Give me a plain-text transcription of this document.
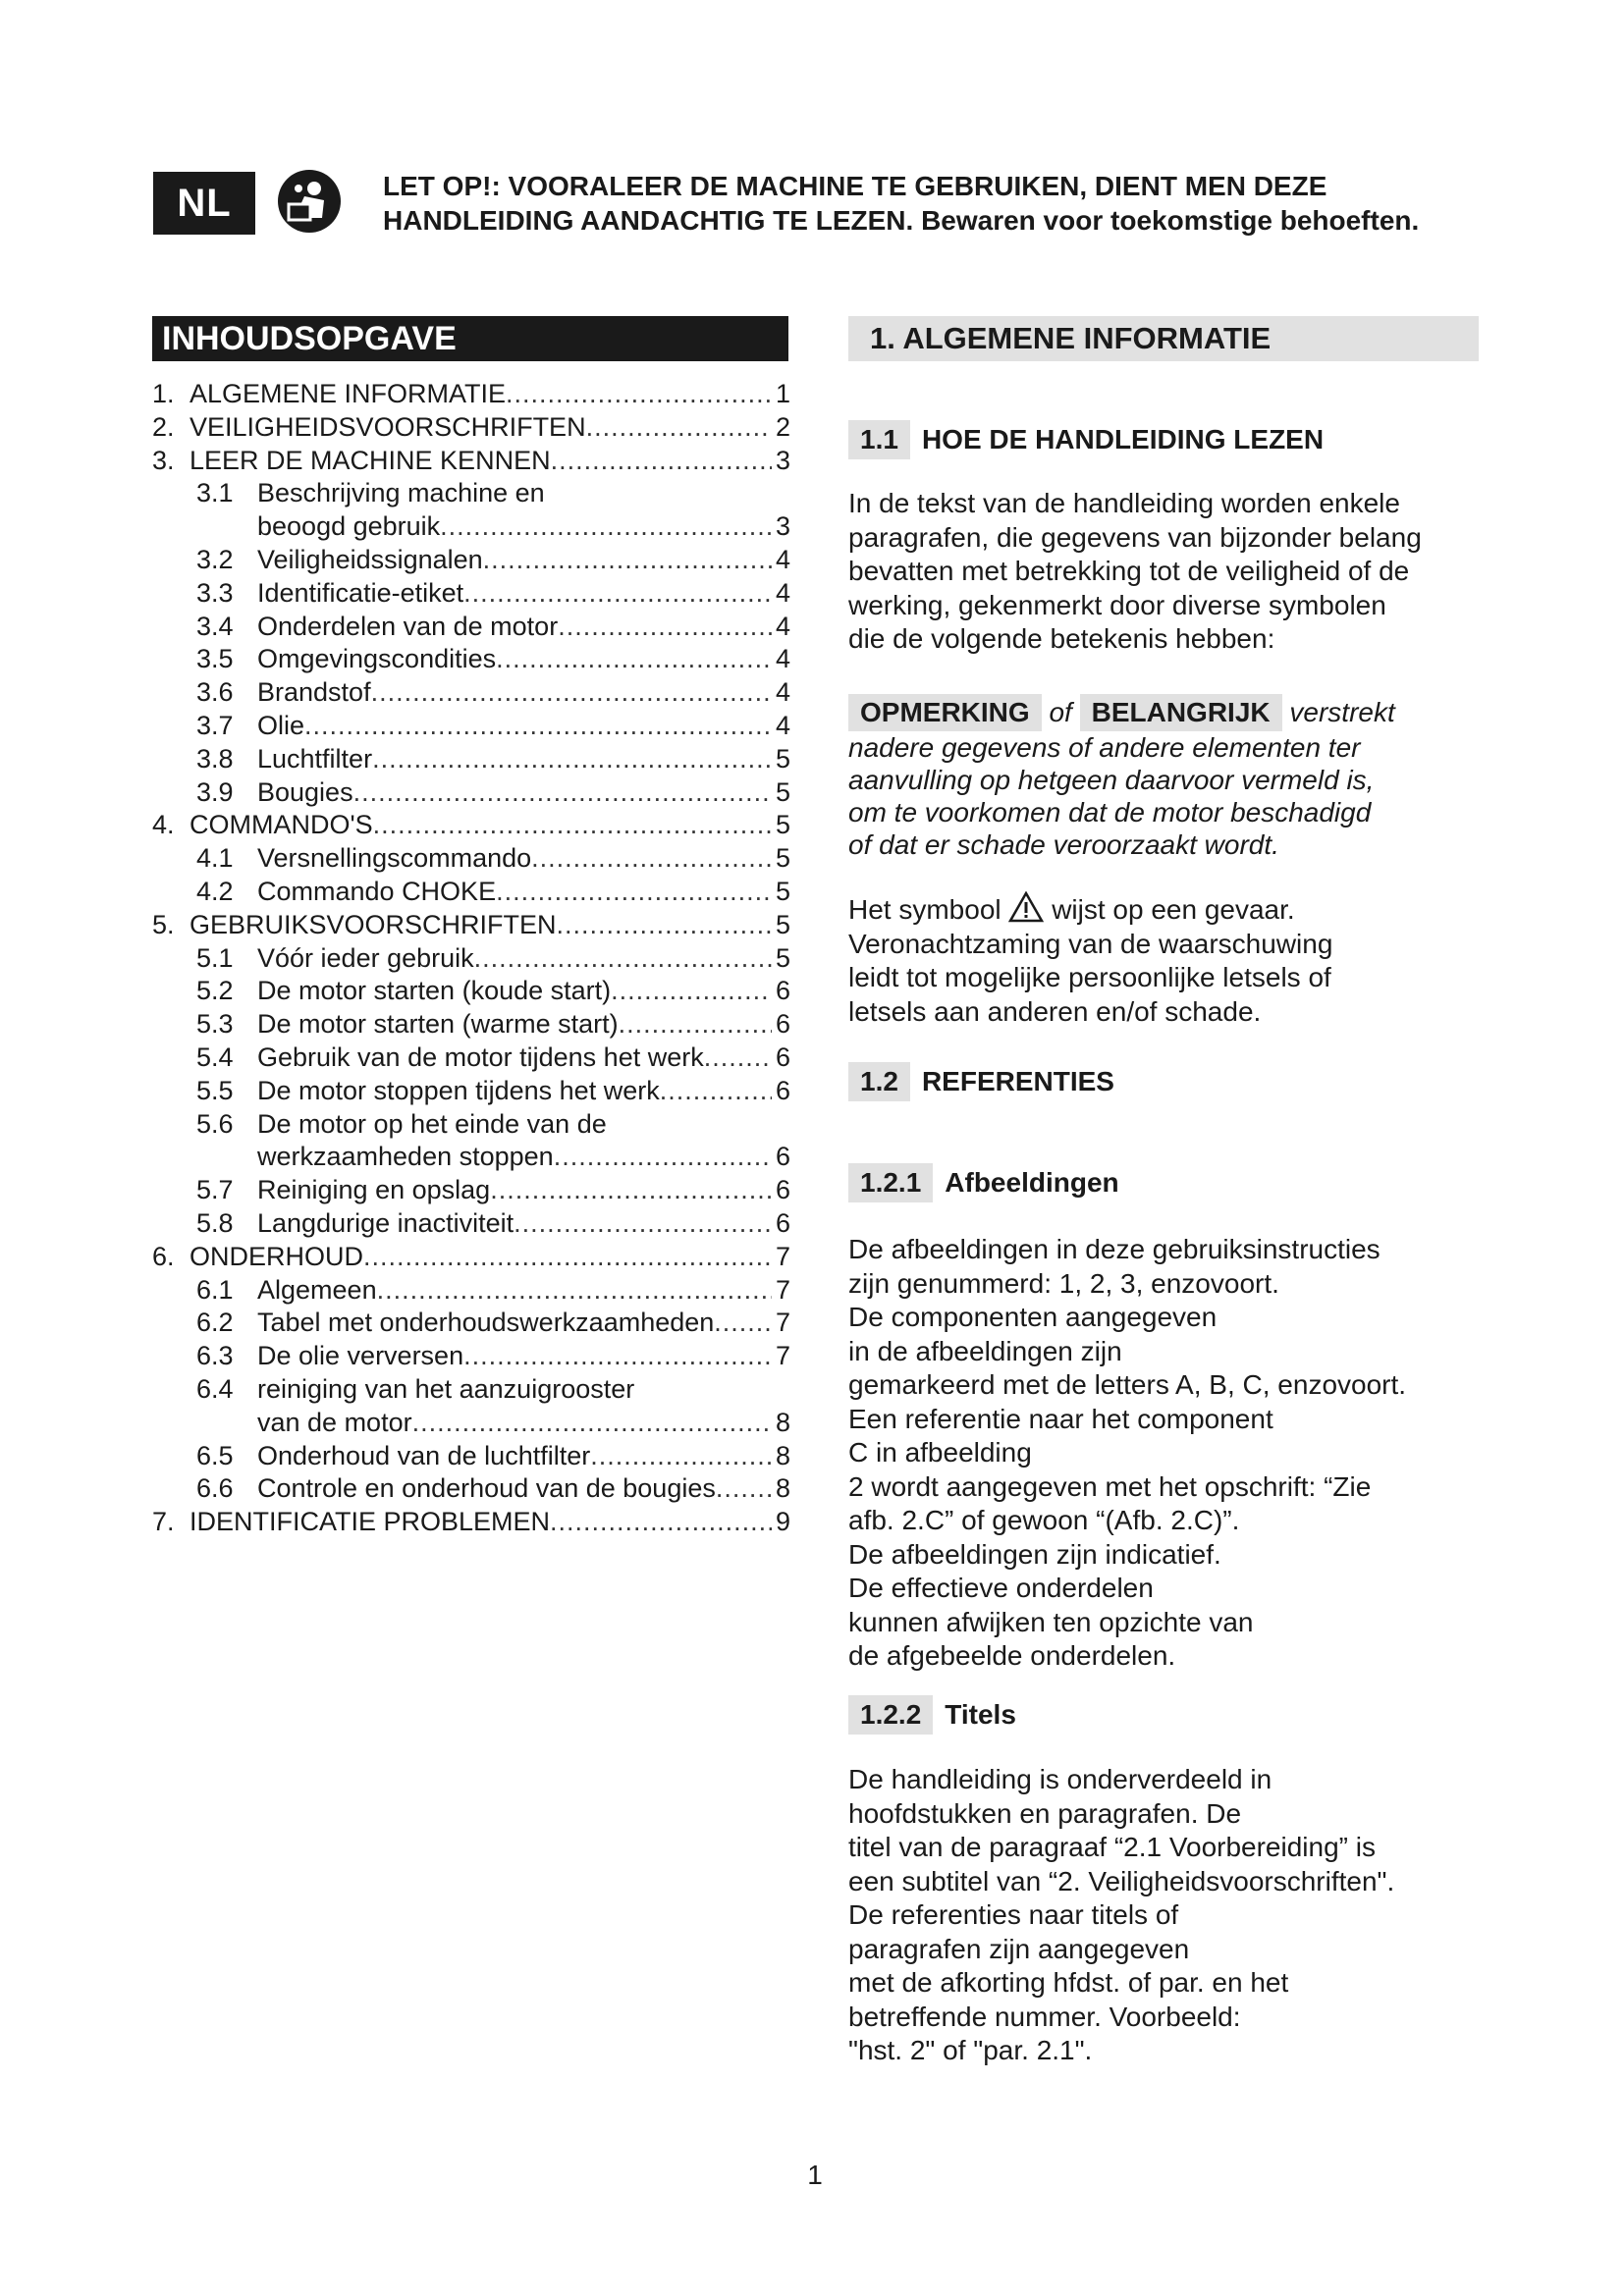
NL	LET OP!: VOORALEER DE MACHINE TE GEBRUIKEN, DIENT MEN DEZE
HANDLEIDING AANDACHTIG TE LEZEN. Bewaren voor toekomstige behoeften.
INHOUDSOPGAVE
1. ALGEMENE INFORMATIE .....	1
2. VEILIGHEIDSVOORSCHRIFTEN .....	2
3. LEER DE MACHINE KENNEN .....	3
3.1 Beschrijving machine en
beoogd gebruik .....	3
3.2 Veiligheidssignalen .....	4
3.3 Identificatie-etiket .....	4
3.4 Onderdelen van de motor .....	4
3.5 Omgevingscondities .....	4
3.6 Brandstof .....	4
3.7 Olie .....	4
3.8 Luchtfilter .....	5
3.9 Bougies .....	5
4. COMMANDO'S .....	5
4.1 Versnellingscommando .....	5
4.2 Commando CHOKE .....	5
5. GEBRUIKSVOORSCHRIFTEN .....	5
5.1 Vóór ieder gebruik .....	5
5.2 De motor starten (koude start) .....	6
5.3 De motor starten (warme start) .....	6
5.4 Gebruik van de motor tijdens het werk .....	6
5.5 De motor stoppen tijdens het werk .....	6
5.6 De motor op het einde van de
werkzaamheden stoppen .....	6
5.7 Reiniging en opslag .....	6
5.8 Langdurige inactiviteit .....	6
6. ONDERHOUD .....	7
6.1 Algemeen .....	7
6.2 Tabel met onderhoudswerkzaamheden ..... 7
6.3 De olie verversen .....	7
6.4 reiniging van het aanzuigrooster
van de motor .....	8
6.5 Onderhoud van de luchtfilter .....	8
6.6 Controle en onderhoud van de bougies ..... 8
7. IDENTIFICATIE PROBLEMEN .....	9
1. ALGEMENE INFORMATIE
1.1 HOE DE HANDLEIDING LEZEN
In de tekst van de handleiding worden enkele
paragrafen, die gegevens van bijzonder belang
bevatten met betrekking tot de veiligheid of de
werking, gekenmerkt door diverse symbolen
die de volgende betekenis hebben:
OPMERKING of BELANGRIJK verstrekt
nadere gegevens of andere elementen ter
aanvulling op hetgeen daarvoor vermeld is,
om te voorkomen dat de motor beschadigd
of dat er schade veroorzaakt wordt.
Het symbool wijst op een gevaar.
Veronachtzaming van de waarschuwing
leidt tot mogelijke persoonlijke letsels of
letsels aan anderen en/of schade.
1.2 REFERENTIES
1.2.1 Afbeeldingen
De afbeeldingen in deze gebruiksinstructies
zijn genummerd: 1, 2, 3, enzovoort.
De componenten aangegeven
in de afbeeldingen zijn
gemarkeerd met de letters A, B, C, enzovoort.
Een referentie naar het component
C in afbeelding
2 wordt aangegeven met het opschrift: “Zie
afb. 2.C” of gewoon “(Afb. 2.C)”.
De afbeeldingen zijn indicatief.
De effectieve onderdelen
kunnen afwijken ten opzichte van
de afgebeelde onderdelen.
1.2.2 Titels
De handleiding is onderverdeeld in
hoofdstukken en paragrafen. De
titel van de paragraaf “2.1 Voorbereiding” is
een subtitel van “2. Veiligheidsvoorschriften".
De referenties naar titels of
paragrafen zijn aangegeven
met de afkorting hfdst. of par. en het
betreffende nummer. Voorbeeld:
"hst. 2" of "par. 2.1".
1
